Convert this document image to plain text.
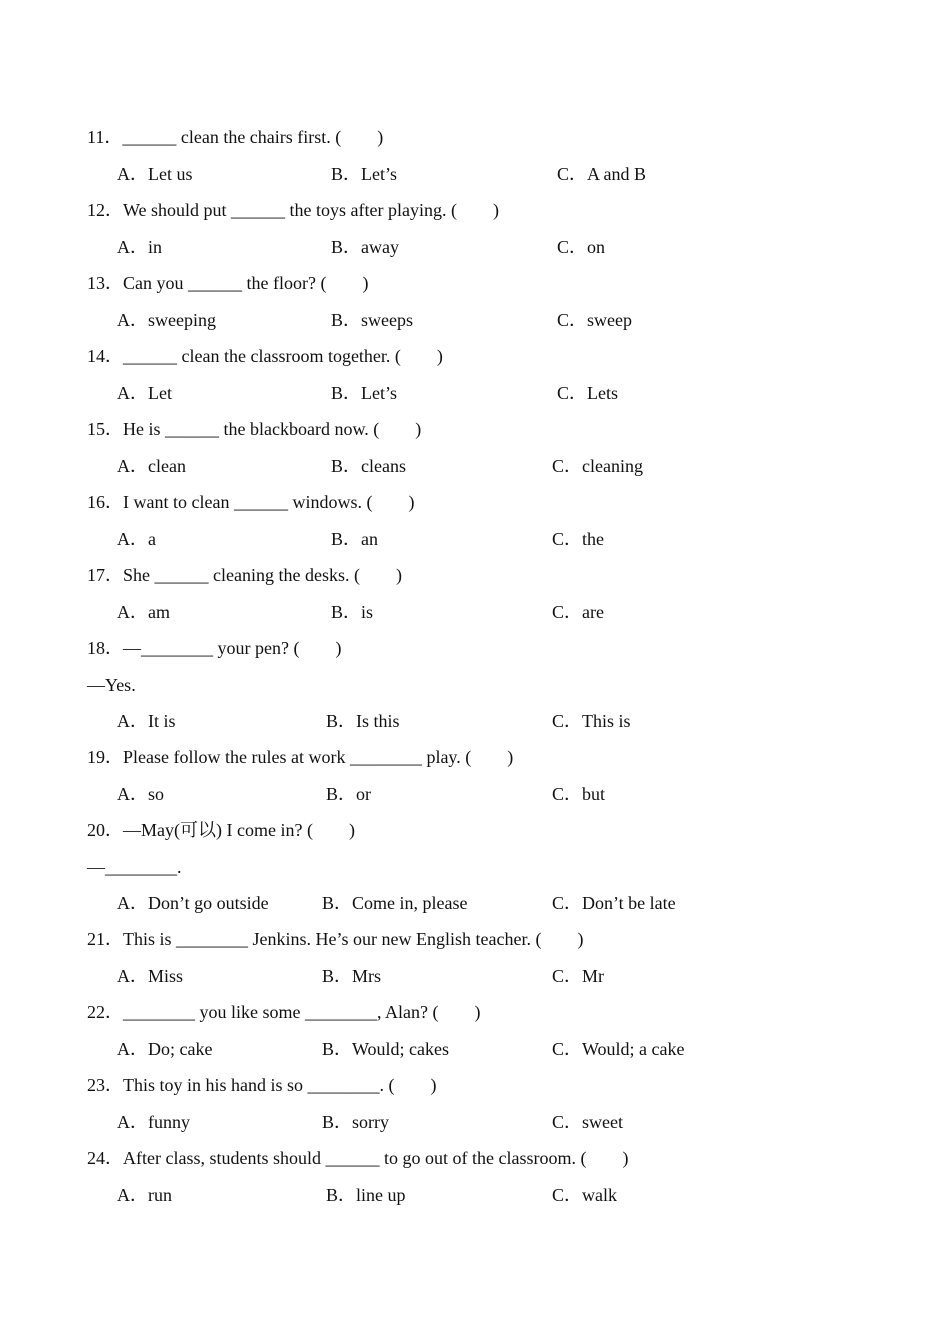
11．______ clean the chairs first. (　　)
A．Let us	B．Let’s	C．A and B
12．We should put ______ the toys after playing. (　　)
A．in	B．away	C．on
13．Can you ______ the floor? (　　)
A．sweeping	B．sweeps	C．sweep
14．______ clean the classroom together. (　　)
A．Let	B．Let’s	C．Lets
15．He is ______ the blackboard now. (　　)
A．clean	B．cleans	C．cleaning
16．I want to clean ______ windows. (　　)
A．a	B．an	C．the
17．She ______ cleaning the desks. (　　)
A．am	B．is	C．are
18．—________ your pen? (　　)
—Yes.
A．It is	B．Is this	C．This is
19．Please follow the rules at work ________ play. (　　)
A．so	B．or	C．but
20．—May(可以) I come in? (　　)
—________.
A．Don’t go outside	B．Come in, please	C．Don’t be late
21．This is ________ Jenkins. He’s our new English teacher. (　　)
A．Miss	B．Mrs	C．Mr
22．________ you like some ________, Alan? (　　)
A．Do; cake	B．Would; cakes	C．Would; a cake
23．This toy in his hand is so ________. (　　)
A．funny	B．sorry	C．sweet
24．After class, students should ______ to go out of the classroom. (　　)
A．run	B．line up	C．walk
